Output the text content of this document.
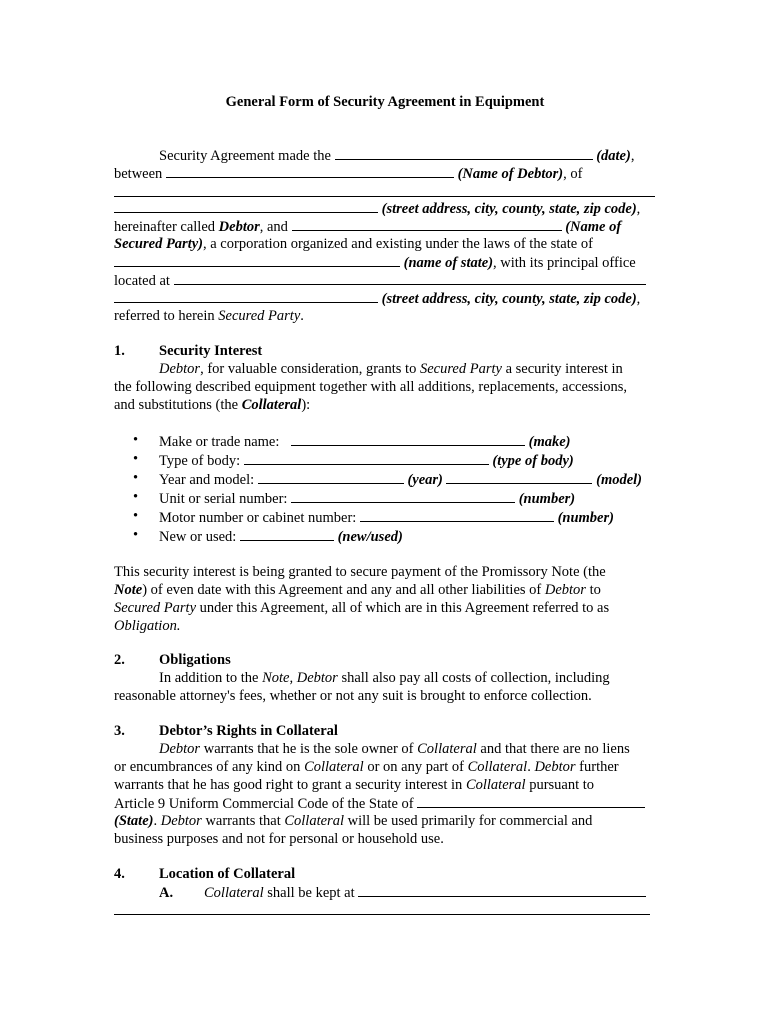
General Form of Security Agreement in Equipment
Security Agreement made the	(date),
between	(Name of Debtor), of
(street address, city, county, state, zip code),
hereinafter called Debtor, and	(Name of
Secured Party), a corporation organized and existing under the laws of the state of
(name of state), with its principal office
located at
(street address, city, county, state, zip code),
referred to herein Secured Party.
1. Security Interest
Debtor, for valuable consideration, grants to Secured Party a security interest in
the following described equipment together with all additions, replacements, accessions,
and substitutions (the Collateral):
• Make or trade name:	(make)
• Type of body:	(type of body)
• Year and model:	(year)	(model)
• Unit or serial number:	(number)
• Motor number or cabinet number:	(number)
• New or used:	(new/used)
This security interest is being granted to secure payment of the Promissory Note (the
Note) of even date with this Agreement and any and all other liabilities of Debtor to
Secured Party under this Agreement, all of which are in this Agreement referred to as
Obligation.
2. Obligations
In addition to the Note, Debtor shall also pay all costs of collection, including
reasonable attorney's fees, whether or not any suit is brought to enforce collection.
3. Debtor’s Rights in Collateral
Debtor warrants that he is the sole owner of Collateral and that there are no liens
or encumbrances of any kind on Collateral or on any part of Collateral. Debtor further
warrants that he has good right to grant a security interest in Collateral pursuant to
Article 9 Uniform Commercial Code of the State of
(State). Debtor warrants that Collateral will be used primarily for commercial and
business purposes and not for personal or household use.
4. Location of Collateral
A. Collateral shall be kept at
